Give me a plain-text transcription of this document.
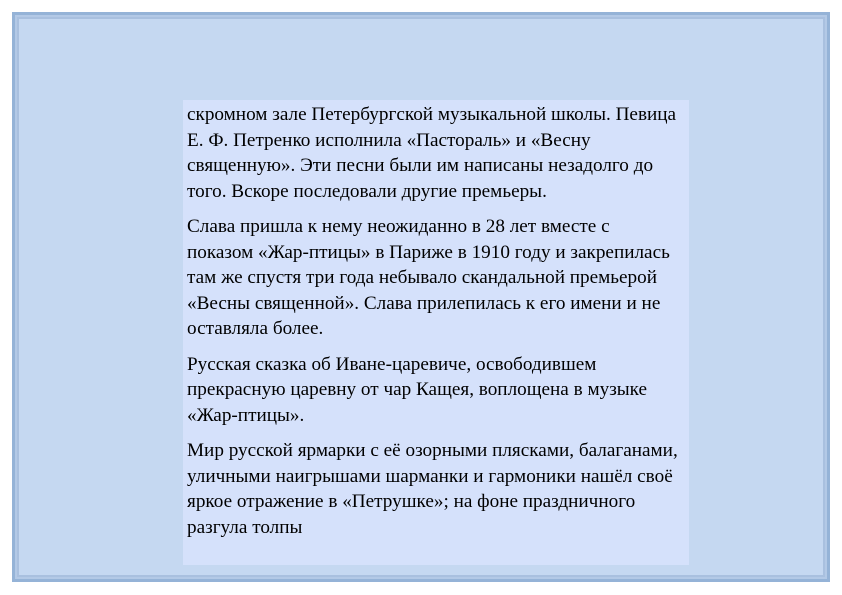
скромном зале Петербургской музыкальной школы. Певица Е. Ф. Петренко исполнила «Пастораль» и «Весну священную». Эти песни были им написаны незадолго до того. Вскоре последовали другие премьеры.

Слава пришла к нему неожиданно в 28 лет вместе с показом «Жар-птицы» в Париже в 1910 году и закрепилась там же спустя три года небывало скандальной премьерой «Весны священной». Слава прилепилась к его имени и не оставляла более.

Русская сказка об Иване-царевиче, освободившем прекрасную царевну от чар Кащея, воплощена в музыке «Жар-птицы».

Мир русской ярмарки с её озорными плясками, балаганами, уличными наигрышами шарманки и гармоники нашёл своё яркое отражение в «Петрушке»; на фоне праздничного разгула толпы
